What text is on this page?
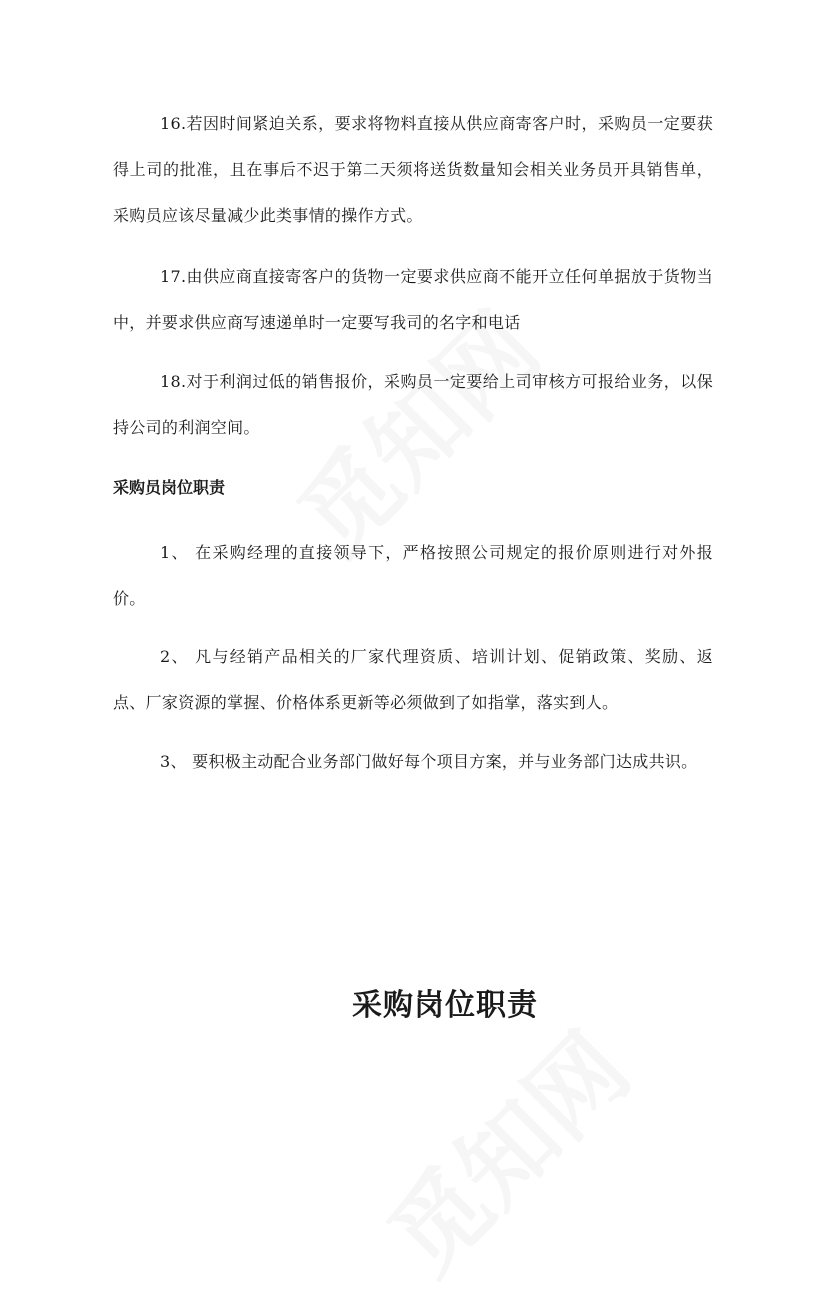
16.若因时间紧迫关系，要求将物料直接从供应商寄客户时，采购员一定要获得上司的批准，且在事后不迟于第二天须将送货数量知会相关业务员开具销售单，采购员应该尽量减少此类事情的操作方式。

17.由供应商直接寄客户的货物一定要求供应商不能开立任何单据放于货物当中，并要求供应商写速递单时一定要写我司的名字和电话

18.对于利润过低的销售报价，采购员一定要给上司审核方可报给业务，以保持公司的利润空间。

采购员岗位职责

1、 在采购经理的直接领导下，严格按照公司规定的报价原则进行对外报价。

2、 凡与经销产品相关的厂家代理资质、培训计划、促销政策、奖励、返点、厂家资源的掌握、价格体系更新等必须做到了如指掌，落实到人。

3、 要积极主动配合业务部门做好每个项目方案，并与业务部门达成共识。

采购岗位职责
